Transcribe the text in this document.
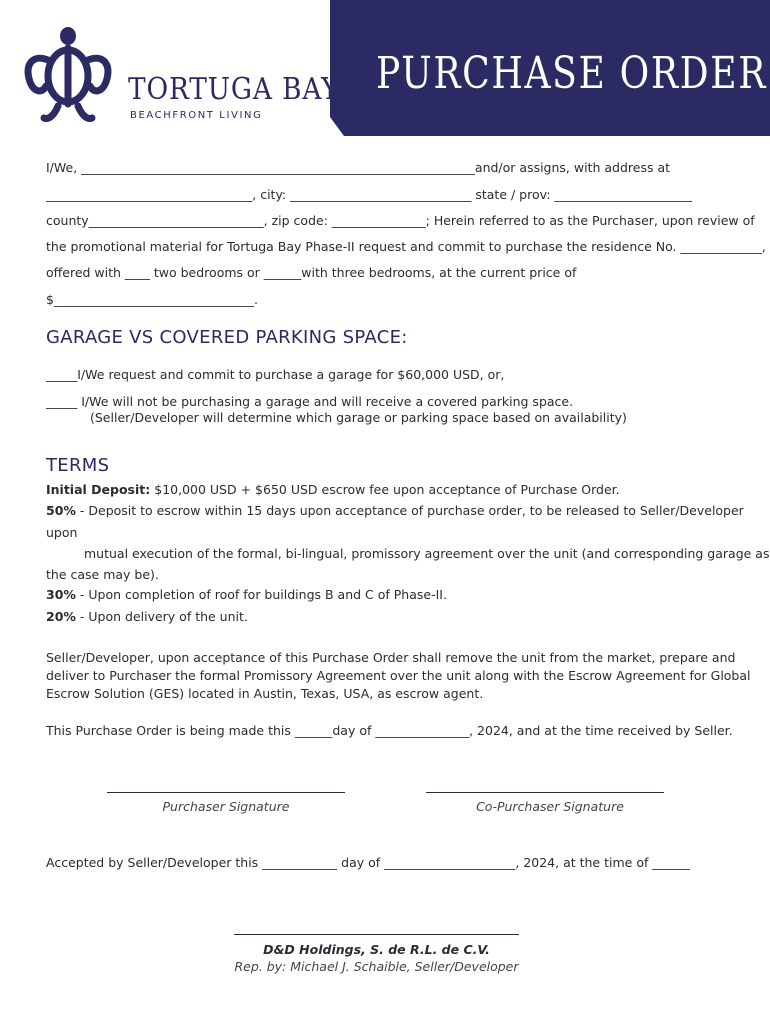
PURCHASE ORDER
TORTUGA BAY
BEACHFRONT LIVING
I/We, _______________________________________________________________and/or assigns, with address at
_________________________________, city: _____________________________ state / prov: ______________________
county____________________________, zip code: _______________; Herein referred to as the Purchaser, upon review of
the promotional material for Tortuga Bay Phase-II request and commit to purchase the residence No. _____________,
offered with ____ two bedrooms or ______with three bedrooms, at the current price of
$________________________________.
GARAGE VS COVERED PARKING SPACE:
_____I/We request and commit to purchase a garage for $60,000 USD, or,
_____ I/We will not be purchasing a garage and will receive a covered parking space.
(Seller/Developer will determine which garage or parking space based on availability)
TERMS
Initial Deposit: $10,000 USD + $650 USD escrow fee upon acceptance of Purchase Order.
50% - Deposit to escrow within 15 days upon acceptance of purchase order, to be released to Seller/Developer
upon
mutual execution of the formal, bi-lingual, promissory agreement over the unit (and corresponding garage as
the case may be).
30% - Upon completion of roof for buildings B and C of Phase-II.
20% - Upon delivery of the unit.
Seller/Developer, upon acceptance of this Purchase Order shall remove the unit from the market, prepare and
deliver to Purchaser the formal Promissory Agreement over the unit along with the Escrow Agreement for Global
Escrow Solution (GES) located in Austin, Texas, USA, as escrow agent.
This Purchase Order is being made this ______day of _______________, 2024, and at the time received by Seller.
Purchaser Signature	Co-Purchaser Signature
Accepted by Seller/Developer this ____________ day of _____________________, 2024, at the time of ______
D&D Holdings, S. de R.L. de C.V.
Rep. by: Michael J. Schaible, Seller/Developer
